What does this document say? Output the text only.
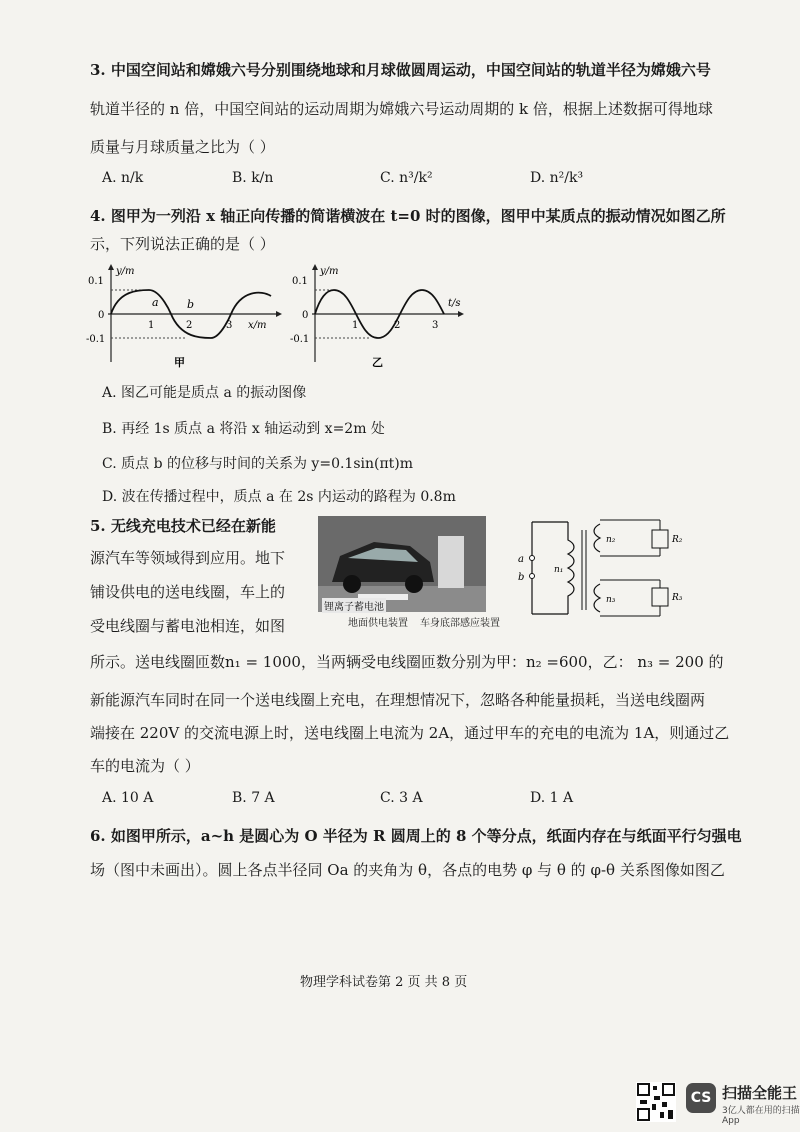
3. 中国空间站和嫦娥六号分别围绕地球和月球做圆周运动，中国空间站的轨道半径为嫦娥六号
轨道半径的 n 倍，中国空间站的运动周期为嫦娥六号运动周期的 k 倍，根据上述数据可得地球
质量与月球质量之比为（ ）
A. n/k	B. k/n	C. n³/k²	D. n²/k³
4. 图甲为一列沿 x 轴正向传播的简谐横波在 t=0 时的图像，图甲中某质点的振动情况如图乙所
示，下列说法正确的是（ ）
0.1
0
-0.1
y/m
x/m
1	2	3
a	b
甲
0.1
0
-0.1
y/m
t/s
1	2	3
乙
A. 图乙可能是质点 a 的振动图像
B. 再经 1s 质点 a 将沿 x 轴运动到 x=2m 处
C. 质点 b 的位移与时间的关系为 y=0.1sin(πt)m
D. 波在传播过程中，质点 a 在 2s 内运动的路程为 0.8m
5. 无线充电技术已经在新能
源汽车等领域得到应用。地下
铺设供电的送电线圈，车上的
受电线圈与蓄电池相连，如图
锂离子蓄电池
地面供电装置 车身底部感应装置
a
b
n₁
n₂
n₃
R₂
R₃
所示。送电线圈匝数n₁ = 1000，当两辆受电线圈匝数分别为甲：n₂ =600，乙： n₃ = 200 的
新能源汽车同时在同一个送电线圈上充电，在理想情况下，忽略各种能量损耗，当送电线圈两
端接在 220V 的交流电源上时，送电线圈上电流为 2A，通过甲车的充电的电流为 1A，则通过乙
车的电流为（ ）
A. 10 A	B. 7 A	C. 3 A	D. 1 A
6. 如图甲所示，a~h 是圆心为 O 半径为 R 圆周上的 8 个等分点，纸面内存在与纸面平行匀强电
场（图中未画出）。圆上各点半径同 Oa 的夹角为 θ，各点的电势 φ 与 θ 的 φ-θ 关系图像如图乙
物理学科试卷第 2 页 共 8 页
CS 扫描全能王
3亿人都在用的扫描App
